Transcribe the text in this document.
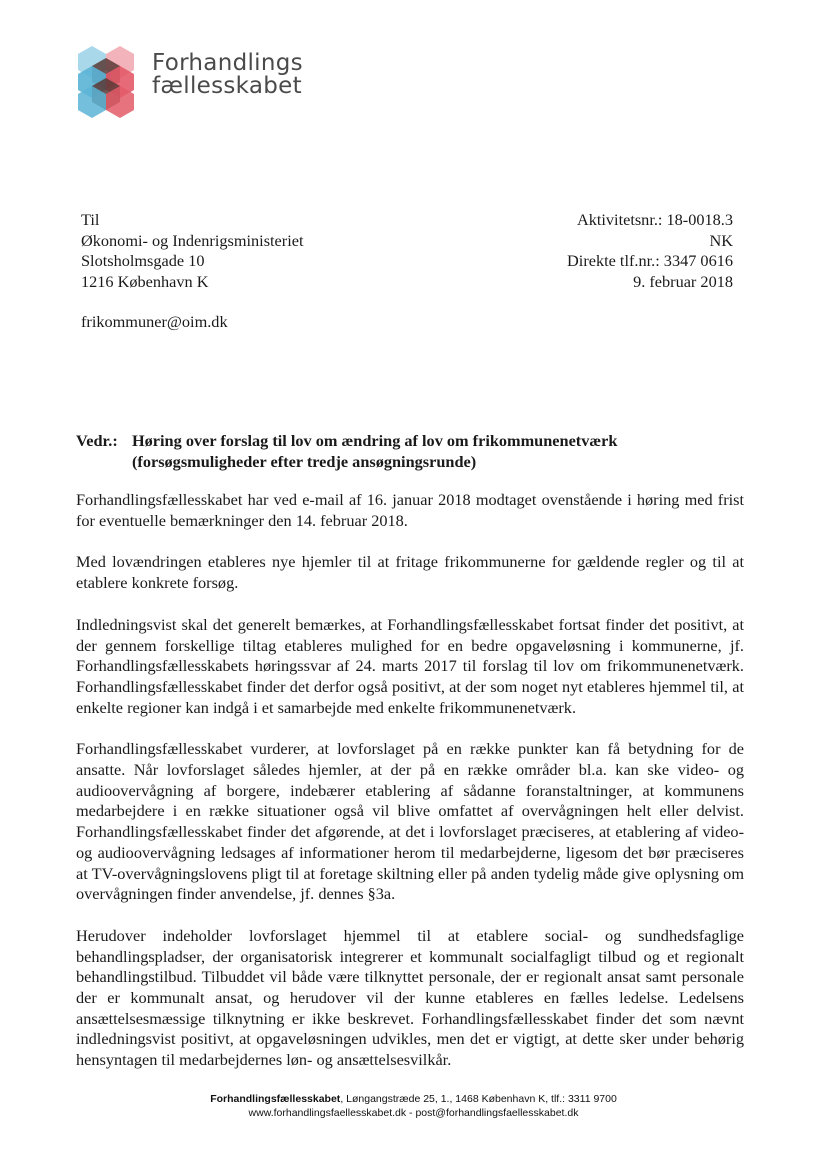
Forhandlings
fællesskabet
Til
Økonomi- og Indenrigsministeriet
Slotsholmsgade 10
1216 København K
frikommuner@oim.dk
Aktivitetsnr.: 18-0018.3
NK
Direkte tlf.nr.: 3347 0616
9. februar 2018
Vedr.: Høring over forslag til lov om ændring af lov om frikommunenetværk (forsøgsmuligheder efter tredje ansøgningsrunde)

Forhandlingsfællesskabet har ved e-mail af 16. januar 2018 modtaget ovenstående i høring med frist for eventuelle bemærkninger den 14. februar 2018.

Med lovændringen etableres nye hjemler til at fritage frikommunerne for gældende regler og til at etablere konkrete forsøg.

Indledningsvist skal det generelt bemærkes, at Forhandlingsfællesskabet fortsat finder det positivt, at der gennem forskellige tiltag etableres mulighed for en bedre opgaveløsning i kommunerne, jf. Forhandlingsfællesskabets høringssvar af 24. marts 2017 til forslag til lov om frikommunenetværk. Forhandlingsfællesskabet finder det derfor også positivt, at der som noget nyt etableres hjemmel til, at enkelte regioner kan indgå i et samarbejde med enkelte frikommunenetværk.

Forhandlingsfællesskabet vurderer, at lovforslaget på en række punkter kan få betydning for de ansatte. Når lovforslaget således hjemler, at der på en række områder bl.a. kan ske video- og audioovervågning af borgere, indebærer etablering af sådanne foranstaltninger, at kommunens medarbejdere i en række situationer også vil blive omfattet af overvågningen helt eller delvist. Forhandlingsfællesskabet finder det afgørende, at det i lovforslaget præciseres, at etablering af video- og audioovervågning ledsages af informationer herom til medarbejderne, ligesom det bør præciseres at TV-overvågningslovens pligt til at foretage skiltning eller på anden tydelig måde give oplysning om overvågningen finder anvendelse, jf. dennes §3a.

Herudover indeholder lovforslaget hjemmel til at etablere social- og sundhedsfaglige behandlingspladser, der organisatorisk integrerer et kommunalt socialfagligt tilbud og et regionalt behandlingstilbud. Tilbuddet vil både være tilknyttet personale, der er regionalt ansat samt personale der er kommunalt ansat, og herudover vil der kunne etableres en fælles ledelse. Ledelsens ansættelsesmæssige tilknytning er ikke beskrevet. Forhandlingsfællesskabet finder det som nævnt indledningsvist positivt, at opgaveløsningen udvikles, men det er vigtigt, at dette sker under behørig hensyntagen til medarbejdernes løn- og ansættelsesvilkår.

Forhandlingsfællesskabet, Løngangstræde 25, 1., 1468 København K, tlf.: 3311 9700
www.forhandlingsfaellesskabet.dk - post@forhandlingsfaellesskabet.dk
